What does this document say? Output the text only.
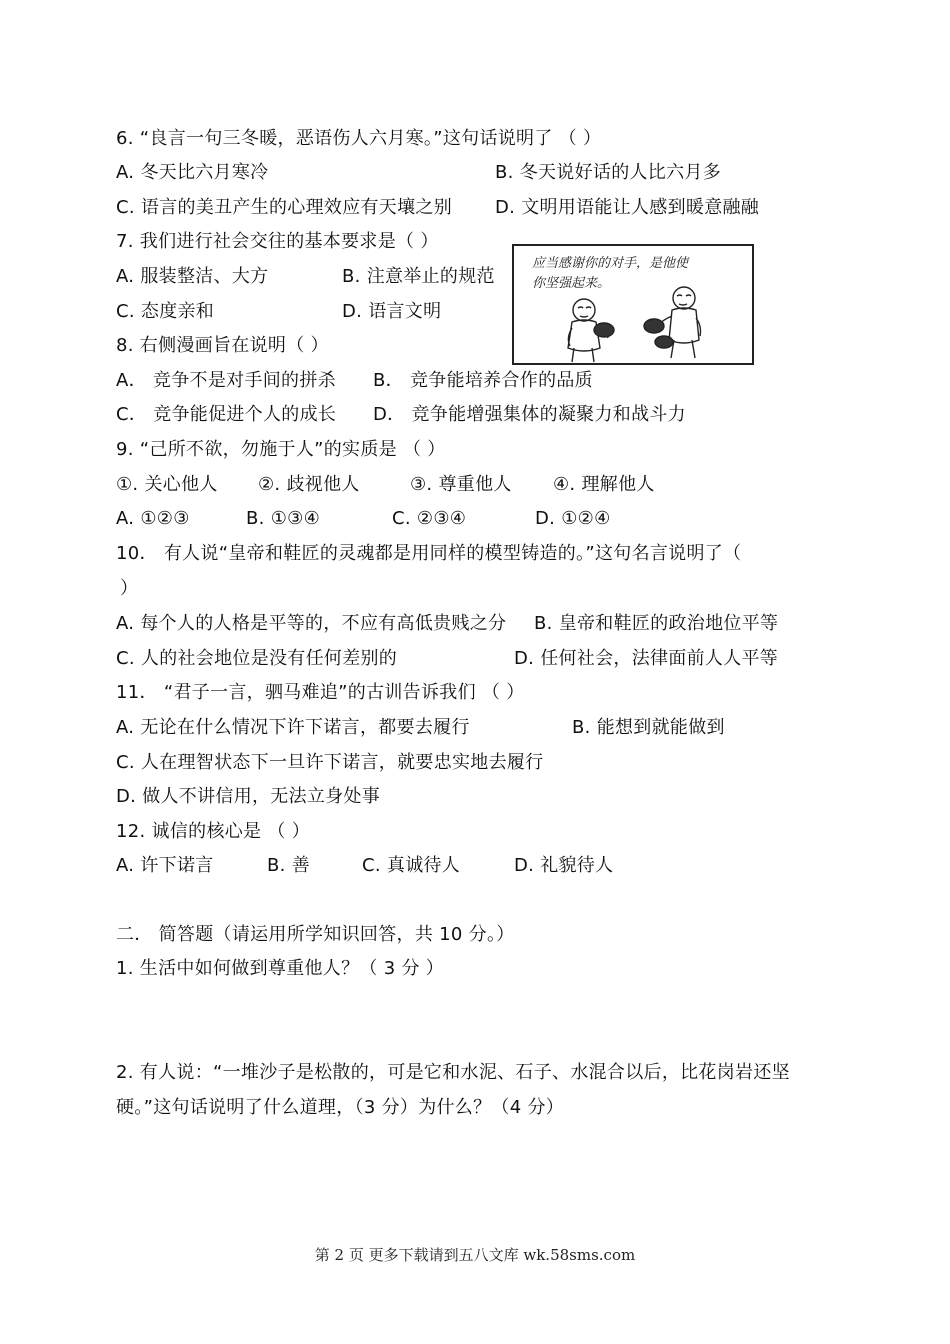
6. “良言一句三冬暖，恶语伤人六月寒。”这句话说明了 （ ）
A. 冬天比六月寒冷	B. 冬天说好话的人比六月多
C. 语言的美丑产生的心理效应有天壤之别 D. 文明用语能让人感到暖意融融
7. 我们进行社会交往的基本要求是（ ）
A. 服装整洁、大方	B. 注意举止的规范
C. 态度亲和	D. 语言文明
应当感谢你的对手，是他使
你坚强起来。
8. 右侧漫画旨在说明（ ）
A． 竞争不是对手间的拼杀 B． 竞争能培养合作的品质
C． 竞争能促进个人的成长 D． 竞争能增强集体的凝聚力和战斗力
9. “己所不欲，勿施于人”的实质是 （ ）
①. 关心他人 ②. 歧视他人	③. 尊重他人 ④. 理解他人
A. ①②③	B. ①③④	C. ②③④	D. ①②④
10． 有人说“皇帝和鞋匠的灵魂都是用同样的模型铸造的。”这句名言说明了（
）
A. 每个人的人格是平等的，不应有高低贵贱之分 B. 皇帝和鞋匠的政治地位平等
C. 人的社会地位是没有任何差别的	D. 任何社会，法律面前人人平等
11． “君子一言，驷马难追”的古训告诉我们 （ ）
A. 无论在什么情况下许下诺言，都要去履行	B. 能想到就能做到
C. 人在理智状态下一旦许下诺言，就要忠实地去履行
D. 做人不讲信用，无法立身处事
12. 诚信的核心是 （ ）
A. 许下诺言	B. 善	C. 真诚待人	D. 礼貌待人
二． 简答题（请运用所学知识回答，共 10 分。）
1. 生活中如何做到尊重他人？（ 3 分 ）
2. 有人说：“一堆沙子是松散的，可是它和水泥、石子、水混合以后，比花岗岩还坚
硬。”这句话说明了什么道理，（3 分）为什么？（4 分）
第 2 页 更多下载请到五八文库 wk.58sms.com
